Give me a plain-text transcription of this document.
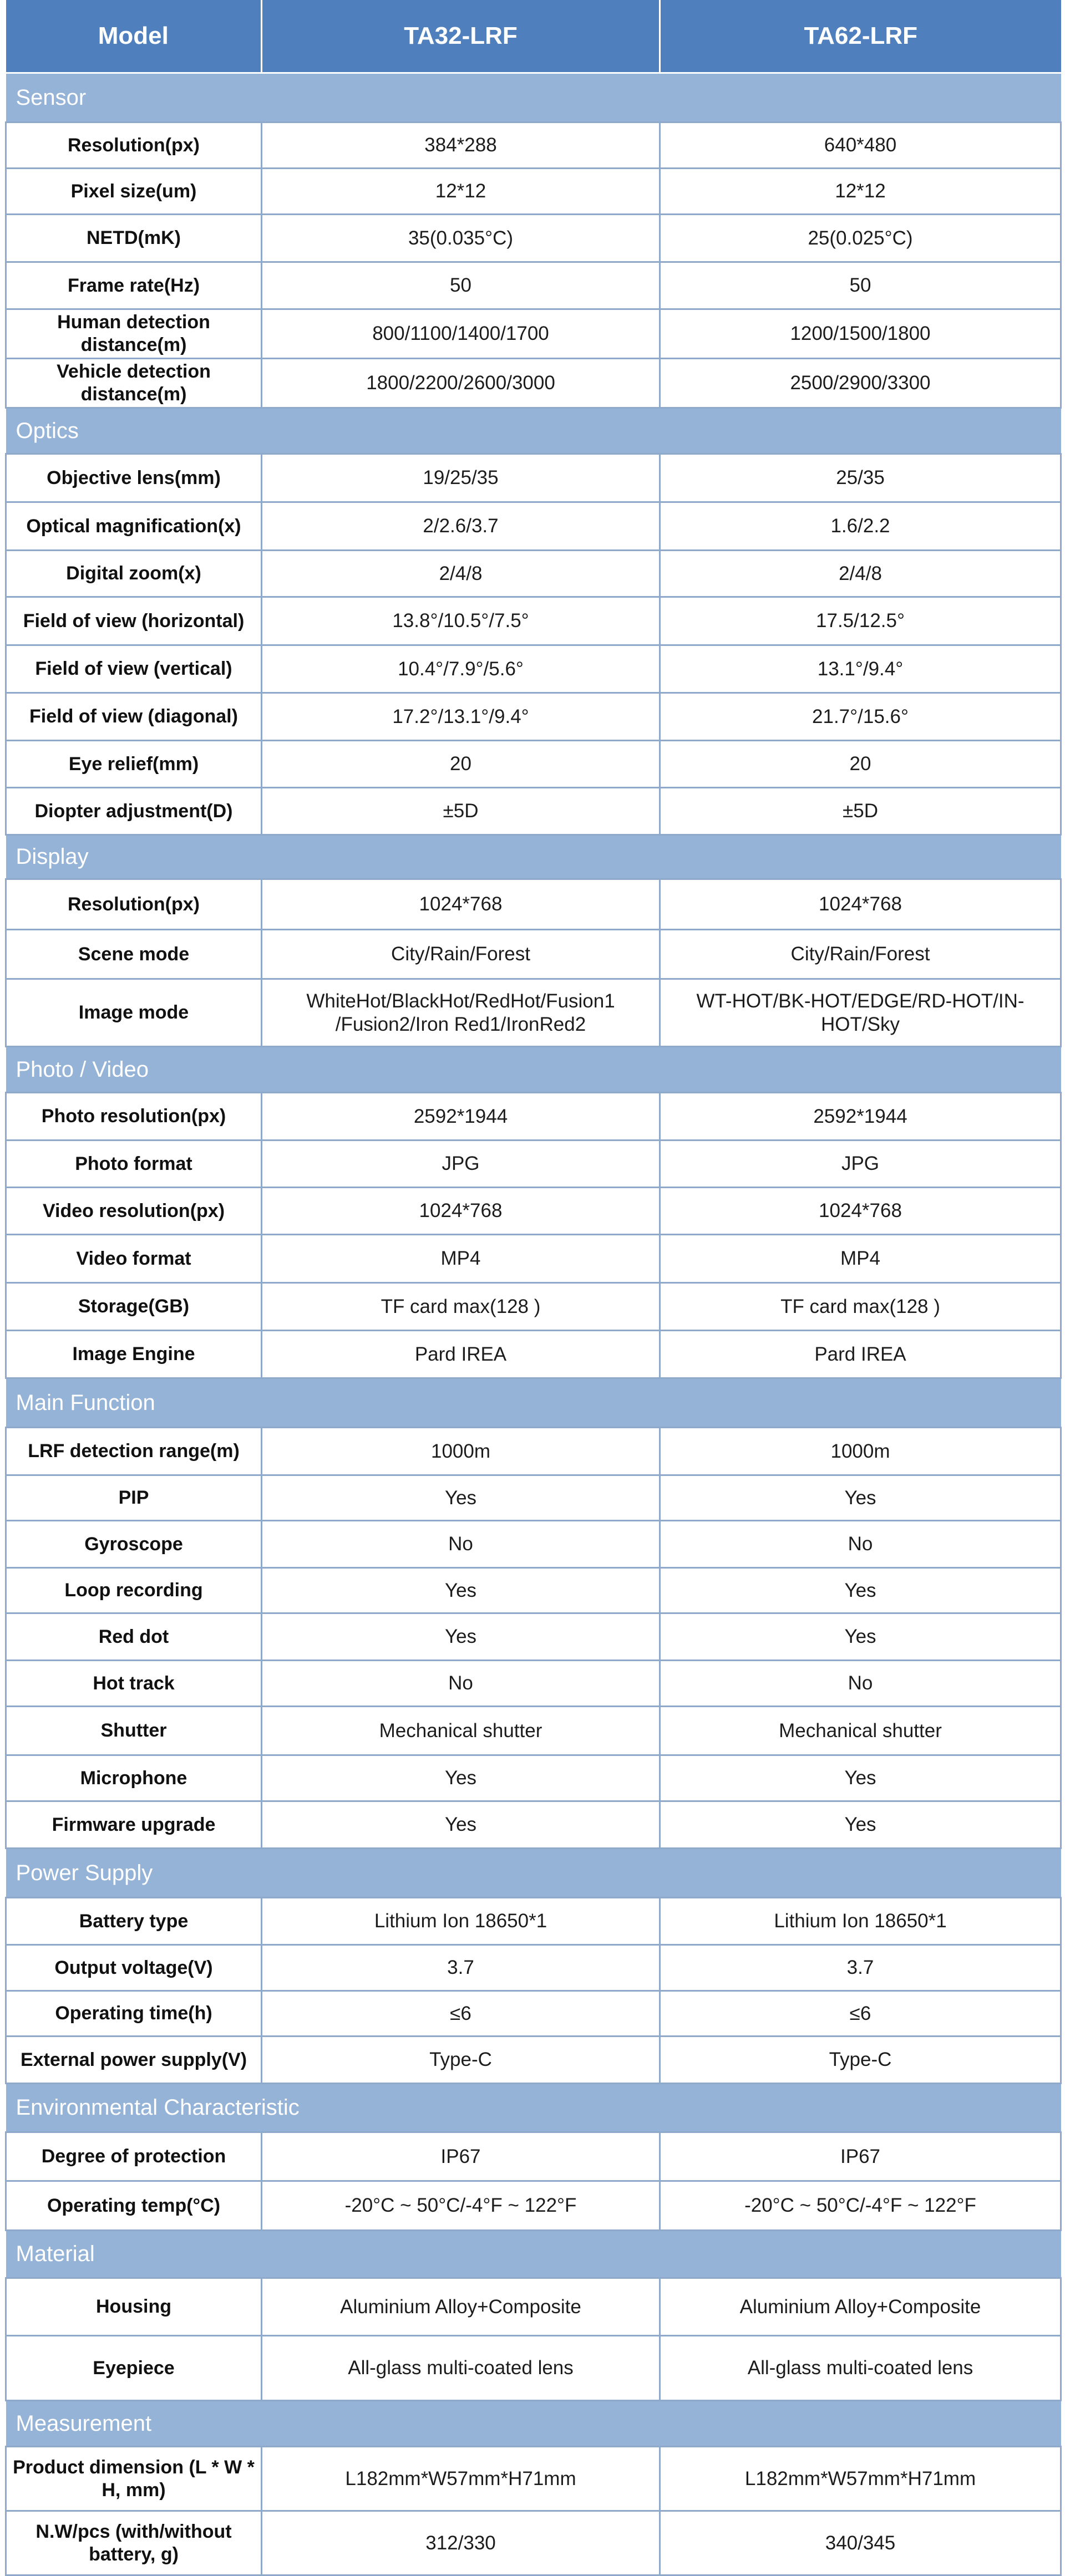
Model	TA32-LRF	TA62-LRF
Sensor		
Resolution(px)	384*288	640*480
Pixel size(um)	12*12	12*12
NETD(mK)	35(0.035°C)	25(0.025°C)
Frame rate(Hz)	50	50
Human detection distance(m)	800/1100/1400/1700	1200/1500/1800
Vehicle detection distance(m)	1800/2200/2600/3000	2500/2900/3300
Optics		
Objective lens(mm)	19/25/35	25/35
Optical magnification(x)	2/2.6/3.7	1.6/2.2
Digital zoom(x)	2/4/8	2/4/8
Field of view (horizontal)	13.8°/10.5°/7.5°	17.5/12.5°
Field of view (vertical)	10.4°/7.9°/5.6°	13.1°/9.4°
Field of view (diagonal)	17.2°/13.1°/9.4°	21.7°/15.6°
Eye relief(mm)	20	20
Diopter adjustment(D)	±5D	±5D
Display		
Resolution(px)	1024*768	1024*768
Scene mode	City/Rain/Forest	City/Rain/Forest
Image mode	WhiteHot/BlackHot/RedHot/Fusion1 /Fusion2/Iron Red1/IronRed2	WT-HOT/BK-HOT/EDGE/RD-HOT/IN-HOT/Sky
Photo / Video		
Photo resolution(px)	2592*1944	2592*1944
Photo format	JPG	JPG
Video resolution(px)	1024*768	1024*768
Video format	MP4	MP4
Storage(GB)	TF card max(128 )	TF card max(128 )
Image Engine	Pard IREA	Pard IREA
Main Function		
LRF detection range(m)	1000m	1000m
PIP	Yes	Yes
Gyroscope	No	No
Loop recording	Yes	Yes
Red dot	Yes	Yes
Hot track	No	No
Shutter	Mechanical shutter	Mechanical shutter
Microphone	Yes	Yes
Firmware upgrade	Yes	Yes
Power Supply		
Battery type	Lithium Ion 18650*1	Lithium Ion 18650*1
Output voltage(V)	3.7	3.7
Operating time(h)	≤6	≤6
External power supply(V)	Type-C	Type-C
Environmental Characteristic		
Degree of protection	IP67	IP67
Operating temp(°C)	-20°C ~ 50°C/-4°F ~ 122°F	-20°C ~ 50°C/-4°F ~ 122°F
Material		
Housing	Aluminium Alloy+Composite	Aluminium Alloy+Composite
Eyepiece	All-glass multi-coated lens	All-glass multi-coated lens
Measurement		
Product dimension (L * W * H, mm)	L182mm*W57mm*H71mm	L182mm*W57mm*H71mm
N.W/pcs (with/without battery, g)	312/330	340/345
